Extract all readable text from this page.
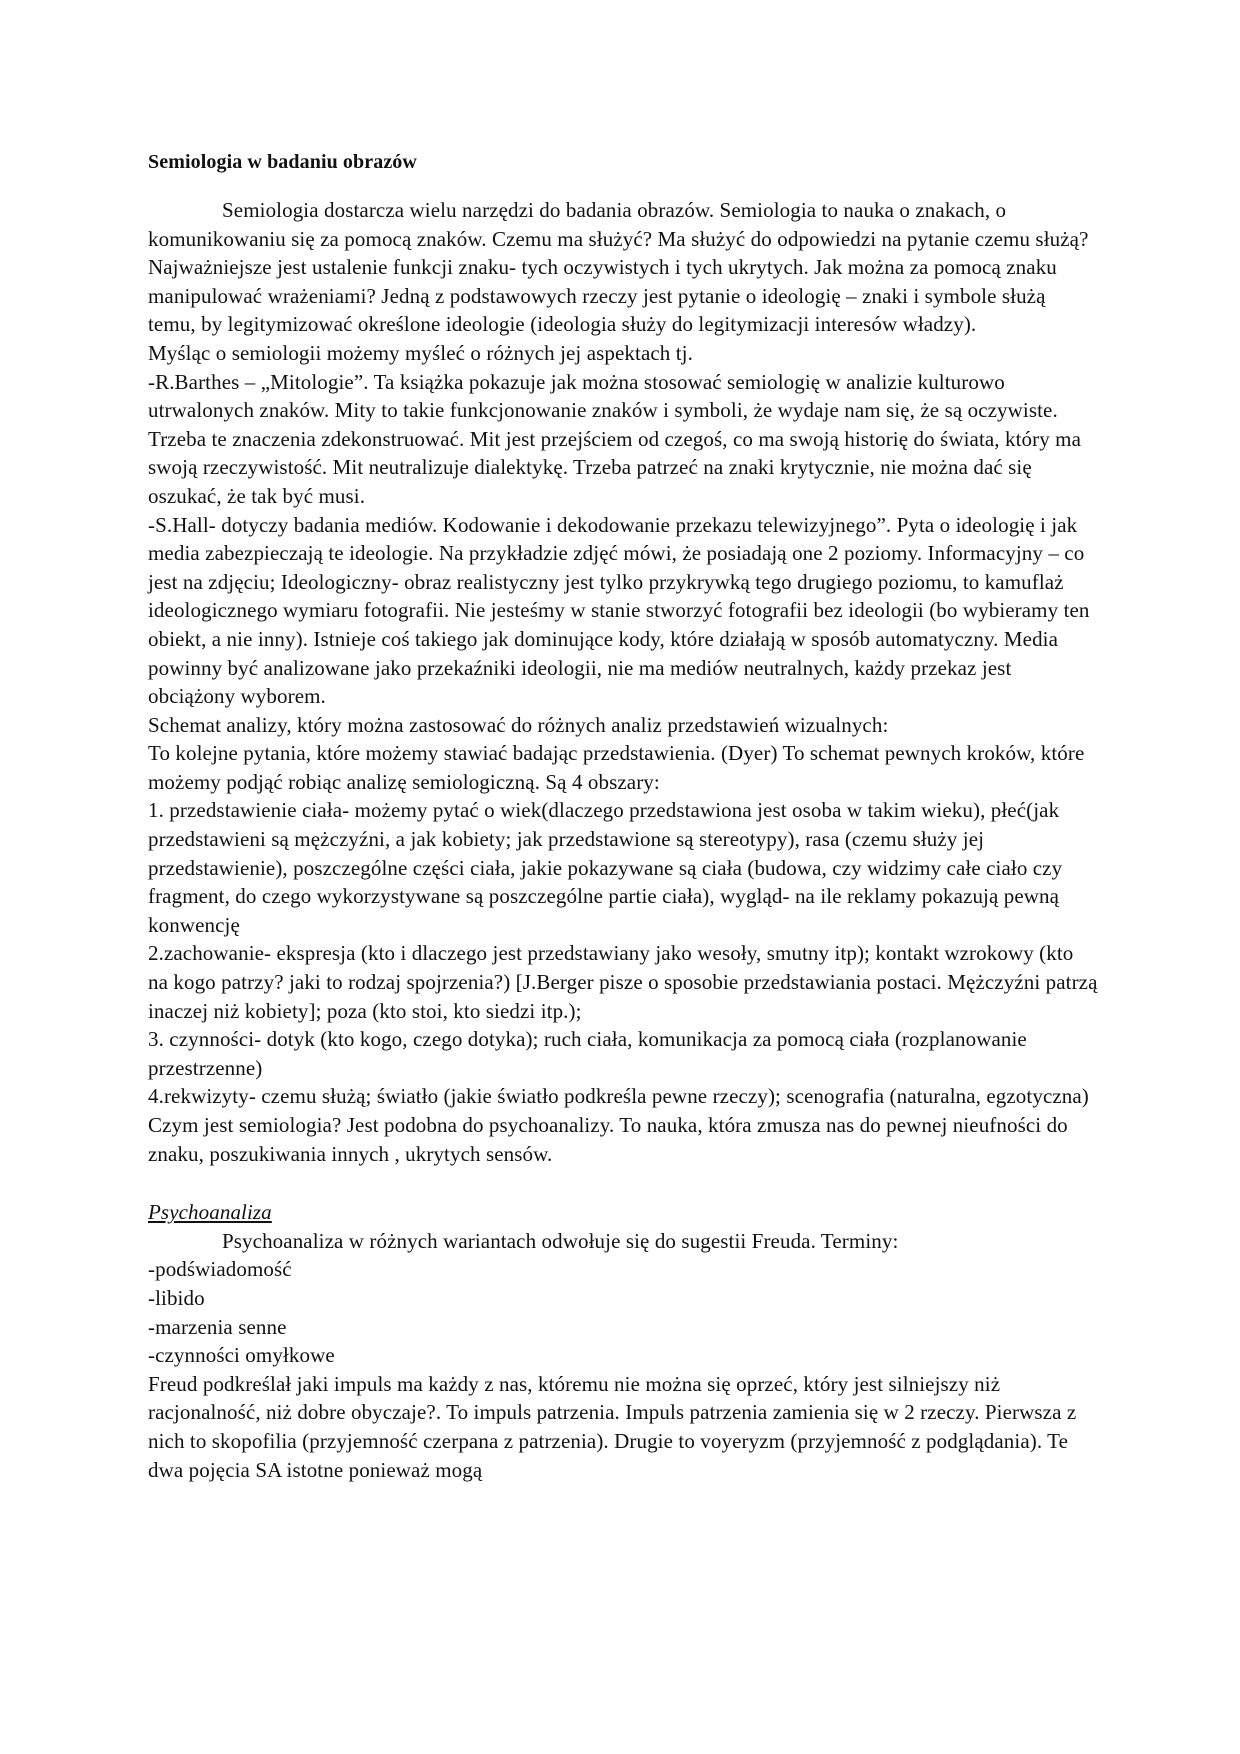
Semiologia w badaniu obrazów

Semiologia dostarcza wielu narzędzi do badania obrazów. Semiologia to nauka o znakach, o komunikowaniu się za pomocą znaków. Czemu ma służyć? Ma służyć do odpowiedzi na pytanie czemu służą? Najważniejsze jest ustalenie funkcji znaku- tych oczywistych i tych ukrytych. Jak można za pomocą znaku manipulować wrażeniami? Jedną z podstawowych rzeczy jest pytanie o ideologię – znaki i symbole służą temu, by legitymizować określone ideologie (ideologia służy do legitymizacji interesów władzy).

Myśląc o semiologii możemy myśleć o różnych jej aspektach tj.

-R.Barthes – „Mitologie”. Ta książka pokazuje jak można stosować semiologię w analizie kulturowo utrwalonych znaków. Mity to takie funkcjonowanie znaków i symboli, że wydaje nam się, że są oczywiste. Trzeba te znaczenia zdekonstruować. Mit jest przejściem od czegoś, co ma swoją historię do świata, który ma swoją rzeczywistość. Mit neutralizuje dialektykę. Trzeba patrzeć na znaki krytycznie, nie można dać się oszukać, że tak być musi.

-S.Hall- dotyczy badania mediów. Kodowanie i dekodowanie przekazu telewizyjnego”. Pyta o ideologię i jak media zabezpieczają te ideologie. Na przykładzie zdjęć mówi, że posiadają one 2 poziomy. Informacyjny – co jest na zdjęciu; Ideologiczny- obraz realistyczny jest tylko przykrywką tego drugiego poziomu, to kamuflaż ideologicznego wymiaru fotografii. Nie jesteśmy w stanie stworzyć fotografii bez ideologii (bo wybieramy ten obiekt, a nie inny). Istnieje coś takiego jak dominujące kody, które działają w sposób automatyczny. Media powinny być analizowane jako przekaźniki ideologii, nie ma mediów neutralnych, każdy przekaz jest obciążony wyborem.

Schemat analizy, który można zastosować do różnych analiz przedstawień wizualnych:

To kolejne pytania, które możemy stawiać badając przedstawienia. (Dyer) To schemat pewnych kroków, które możemy podjąć robiąc analizę semiologiczną. Są 4 obszary:

1. przedstawienie ciała- możemy pytać o wiek(dlaczego przedstawiona jest osoba w takim wieku), płeć(jak przedstawieni są mężczyźni, a jak kobiety; jak przedstawione są stereotypy), rasa (czemu służy jej przedstawienie), poszczególne części ciała, jakie pokazywane są ciała (budowa, czy widzimy całe ciało czy fragment, do czego wykorzystywane są poszczególne partie ciała), wygląd- na ile reklamy pokazują pewną konwencję

2.zachowanie- ekspresja (kto i dlaczego jest przedstawiany jako wesoły, smutny itp); kontakt wzrokowy (kto na kogo patrzy? jaki to rodzaj spojrzenia?) [J.Berger pisze o sposobie przedstawiania postaci. Mężczyźni patrzą inaczej niż kobiety]; poza (kto stoi, kto siedzi itp.);

3. czynności- dotyk (kto kogo, czego dotyka); ruch ciała, komunikacja za pomocą ciała (rozplanowanie przestrzenne)

4.rekwizyty- czemu służą; światło (jakie światło podkreśla pewne rzeczy); scenografia (naturalna, egzotyczna)

Czym jest semiologia? Jest podobna do psychoanalizy. To nauka, która zmusza nas do pewnej nieufności do znaku, poszukiwania innych , ukrytych sensów.

Psychoanaliza

Psychoanaliza w różnych wariantach odwołuje się do sugestii Freuda. Terminy:

-podświadomość

-libido

-marzenia senne

-czynności omyłkowe

Freud podkreślał jaki impuls ma każdy z nas, któremu nie można się oprzeć, który jest silniejszy niż racjonalność, niż dobre obyczaje?. To impuls patrzenia. Impuls patrzenia zamienia się w 2 rzeczy. Pierwsza z nich to skopofilia (przyjemność czerpana z patrzenia). Drugie to voyeryzm (przyjemność z podglądania). Te dwa pojęcia SA istotne ponieważ mogą
